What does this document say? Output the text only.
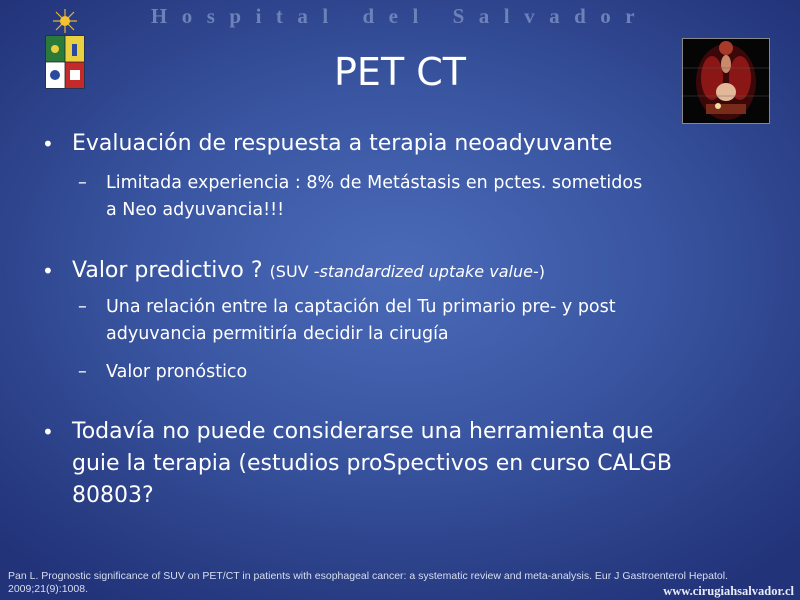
Hospital del Salvador
PET CT
• Evaluación de respuesta a terapia neoadyuvante
– Limitada experiencia : 8% de Metástasis en pctes. sometidos
a Neo adyuvancia!!!
• Valor predictivo ? (SUV -standardized uptake value-)
– Una relación entre la captación del Tu primario pre- y post
adyuvancia permitiría decidir la cirugía
– Valor pronóstico
• Todavía no puede considerarse una herramienta que
guie la terapia (estudios proSpectivos en curso CALGB
80803?
Pan L. Prognostic significance of SUV on PET/CT in patients with esophageal cancer: a systematic review and meta-analysis. Eur J Gastroenterol Hepatol.
2009;21(9):1008.	www.cirugiahsalvador.cl
